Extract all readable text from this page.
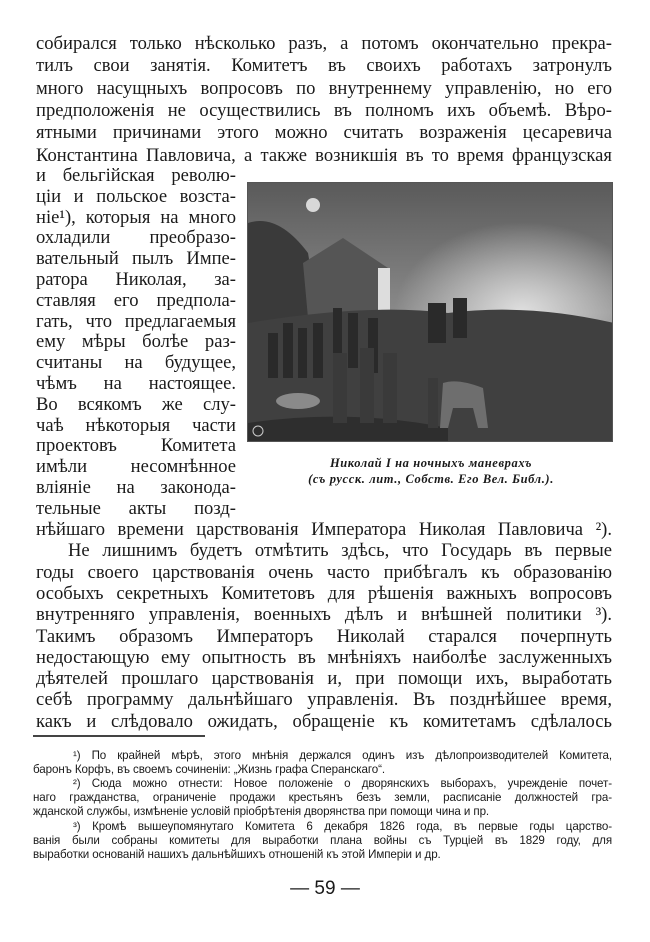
Николай I на ночныхъ маневрахъ
(съ русск. лит., Собств. Его Вел. Библ.).
собирался только нѣсколько разъ, а потомъ окончательно прекра-
тилъ свои занятія. Комитетъ въ своихъ работахъ затронулъ
много насущныхъ вопросовъ по внутреннему управленію, но его
предположенія не осуществились въ полномъ ихъ объемѣ. Вѣро-
ятными причинами этого можно считать возраженія цесаревича
Константина Павловича, а также возникшія въ то время французская
и бельгійская револю-
ціи и польское возста-
ніе¹), которыя на много
охладили преобразо-
вательный пылъ Импе-
ратора Николая, за-
ставляя его предпола-
гать, что предлагаемыя
ему мѣры болѣе раз-
считаны на будущее,
чѣмъ на настоящее.
Во всякомъ же слу-
чаѣ нѣкоторыя части
проектовъ Комитета
имѣли несомнѣнное
вліяніе на законода-
тельные акты позд-
нѣйшаго времени царствованія Императора Николая Павловича ²).
Не лишнимъ будетъ отмѣтить здѣсь, что Государь въ первые
годы своего царствованія очень часто прибѣгалъ къ образованію
особыхъ секретныхъ Комитетовъ для рѣшенія важныхъ вопросовъ
внутренняго управленія, военныхъ дѣлъ и внѣшней политики ³).
Такимъ образомъ Императоръ Николай старался почерпнуть
недостающую ему опытность въ мнѣніяхъ наиболѣе заслуженныхъ
дѣятелей прошлаго царствованія и, при помощи ихъ, выработать
себѣ программу дальнѣйшаго управленія. Въ позднѣйшее время,
какъ и слѣдовало ожидать, обращеніе къ комитетамъ сдѣлалось
¹) По крайней мѣрѣ, этого мнѣнія держался одинъ изъ дѣлопроизводителей Комитета,
баронъ Корфъ, въ своемъ сочиненіи: „Жизнь графа Сперанскаго“.
²) Сюда можно отнести: Новое положеніе о дворянскихъ выборахъ, учрежденіе почет-
наго гражданства, ограниченіе продажи крестьянъ безъ земли, расписаніе должностей гра-
жданской службы, измѣненіе условій пріобрѣтенія дворянства при помощи чина и пр.
³) Кромѣ вышеупомянутаго Комитета 6 декабря 1826 года, въ первые годы царство-
ванія были собраны комитеты для выработки плана войны съ Турціей въ 1829 году, для
выработки основаній нашихъ дальнѣйшихъ отношеній къ этой Имперіи и др.
— 59 —
